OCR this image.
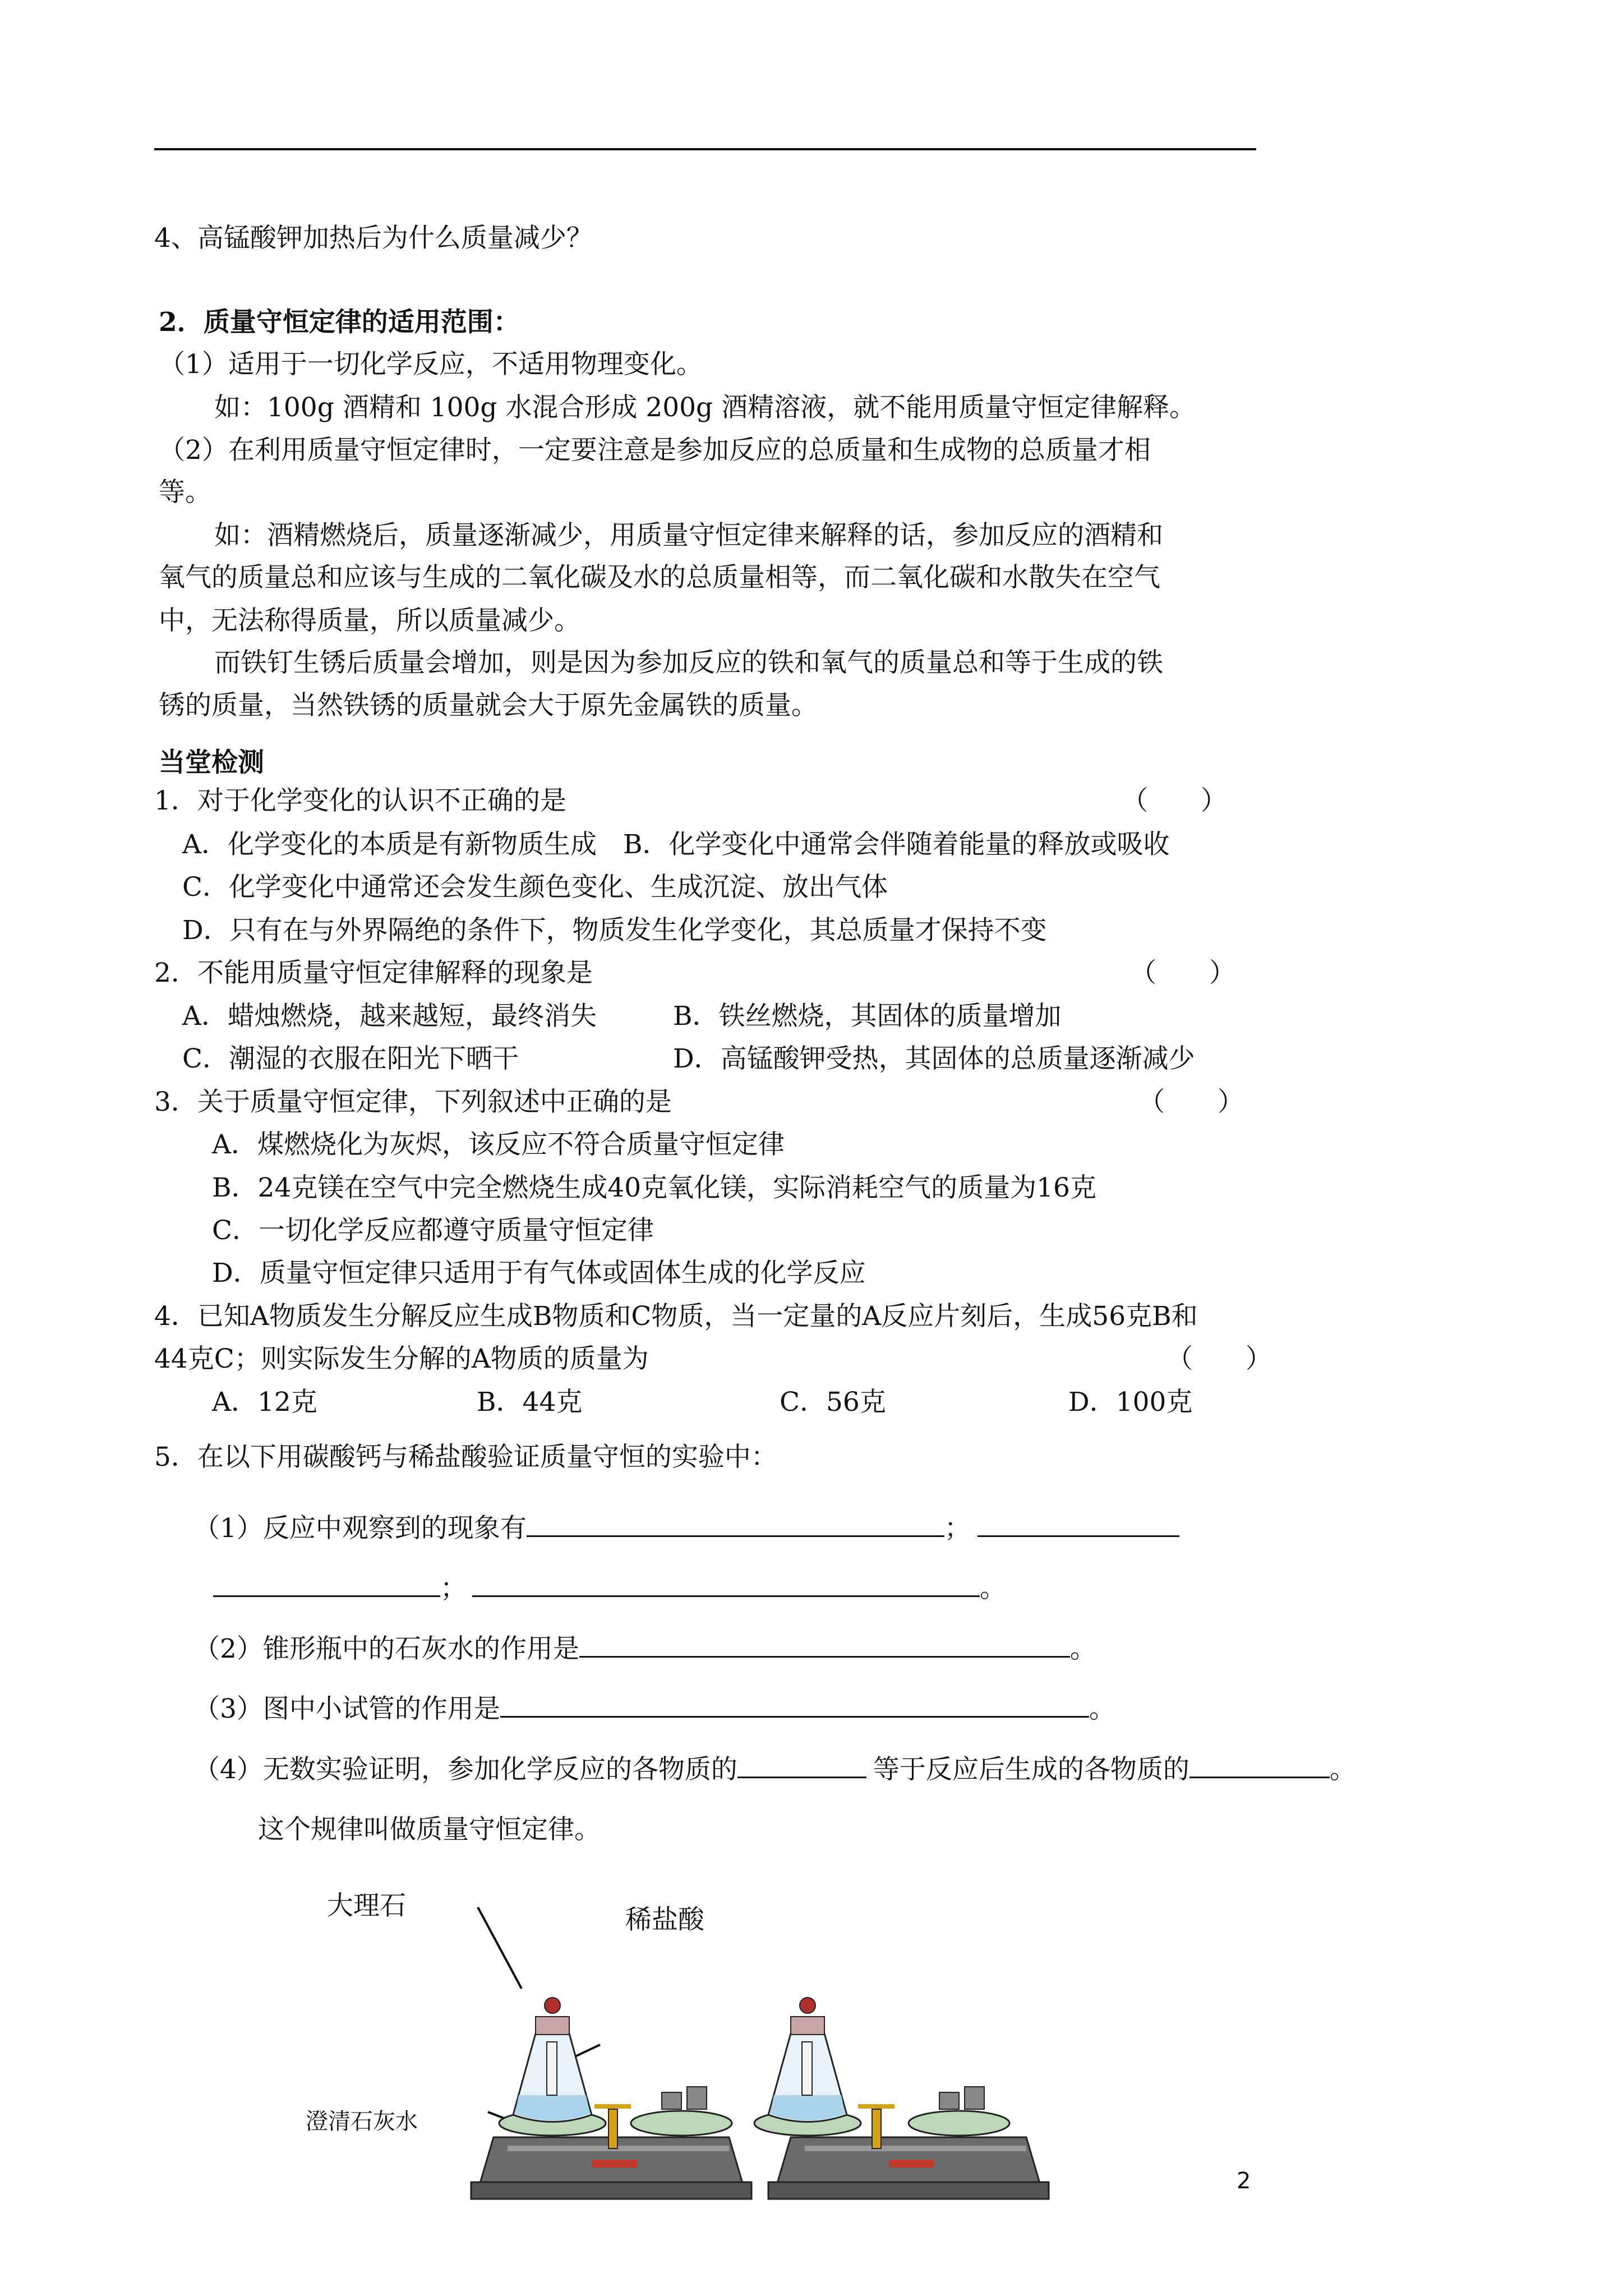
4、高锰酸钾加热后为什么质量减少？
2．质量守恒定律的适用范围：
（1）适用于一切化学反应，不适用物理变化。
如：100g 酒精和 100g 水混合形成 200g 酒精溶液，就不能用质量守恒定律解释。
（2）在利用质量守恒定律时，一定要注意是参加反应的总质量和生成物的总质量才相
等。
如：酒精燃烧后，质量逐渐减少，用质量守恒定律来解释的话，参加反应的酒精和
氧气的质量总和应该与生成的二氧化碳及水的总质量相等，而二氧化碳和水散失在空气
中，无法称得质量，所以质量减少。
而铁钉生锈后质量会增加，则是因为参加反应的铁和氧气的质量总和等于生成的铁
锈的质量，当然铁锈的质量就会大于原先金属铁的质量。
当堂检测
1．对于化学变化的认识不正确的是	（　　）
A．化学变化的本质是有新物质生成　B．化学变化中通常会伴随着能量的释放或吸收
C．化学变化中通常还会发生颜色变化、生成沉淀、放出气体
D．只有在与外界隔绝的条件下，物质发生化学变化，其总质量才保持不变
2．不能用质量守恒定律解释的现象是	（　　）
A．蜡烛燃烧，越来越短，最终消失	B．铁丝燃烧，其固体的质量增加
C．潮湿的衣服在阳光下晒干	D．高锰酸钾受热，其固体的总质量逐渐减少
3．关于质量守恒定律，下列叙述中正确的是	（　　）
A．煤燃烧化为灰烬，该反应不符合质量守恒定律
B．24克镁在空气中完全燃烧生成40克氧化镁，实际消耗空气的质量为16克
C．一切化学反应都遵守质量守恒定律
D．质量守恒定律只适用于有气体或固体生成的化学反应
4．已知A物质发生分解反应生成B物质和C物质，当一定量的A反应片刻后，生成56克B和
44克C；则实际发生分解的A物质的质量为	（　　）
A．12克	B．44克	C．56克	D．100克
5．在以下用碳酸钙与稀盐酸验证质量守恒的实验中：
（1）反应中观察到的现象有	；
；	。
（2）锥形瓶中的石灰水的作用是	。
（3）图中小试管的作用是	。
（4）无数实验证明，参加化学反应的各物质的	等于反应后生成的各物质的	。
这个规律叫做质量守恒定律。
大理石	稀盐酸
澄清石灰水
2
